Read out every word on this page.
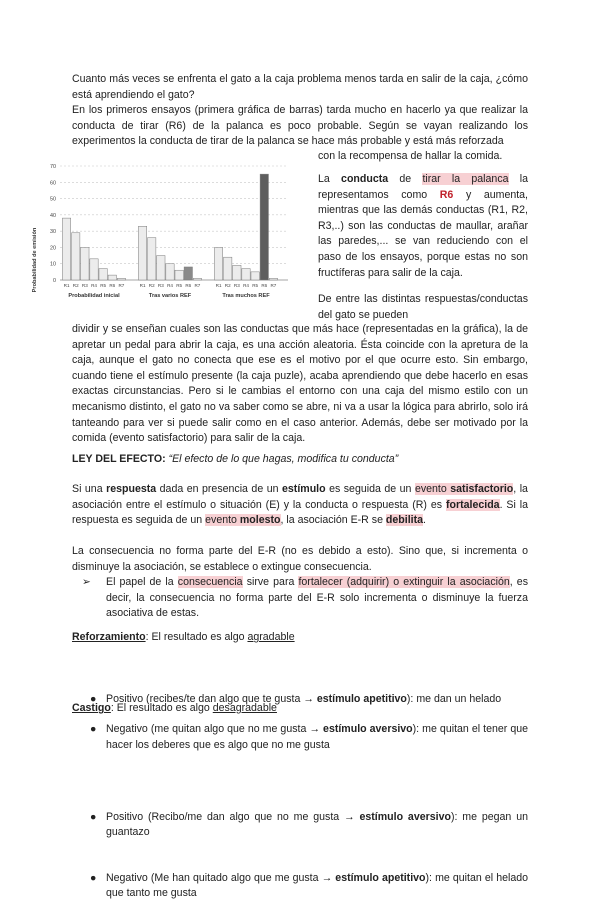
Cuanto más veces se enfrenta el gato a la caja problema menos tarda en salir de la caja, ¿cómo está aprendiendo el gato?
En los primeros ensayos (primera gráfica de barras) tarda mucho en hacerlo ya que realizar la conducta de tirar (R6) de la palanca es poco probable. Según se vayan realizando los experimentos la conducta de tirar de la palanca se hace más probable y está más reforzada
con la recompensa de hallar la comida.
0
10
20
30
40
50
60
70
R1 R2 R3 R4 R5 R6 R7	R1 R2 R3 R4 R5 R6 R7	R1 R2 R3 R4 R5 R6 R7
Probabilidad inicial	Tras varios REF	Tras muchos REF
Probabilidad de emisión
La conducta de tirar la palanca la representamos como R6 y aumenta, mientras que las demás conductas (R1, R2, R3,..) son las conductas de maullar, arañar las paredes,... se van reduciendo con el paso de los ensayos, porque estas no son fructíferas para salir de la caja.
De entre las distintas respuestas/conductas del gato se pueden
dividir y se enseñan cuales son las conductas que más hace (representadas en la gráfica), la de apretar un pedal para abrir la caja, es una acción aleatoria. Ésta coincide con la apretura de la caja, aunque el gato no conecta que ese es el motivo por el que ocurre esto. Sin embargo, cuando tiene el estímulo presente (la caja puzle), acaba aprendiendo que debe hacerlo en esas exactas circunstancias. Pero si le cambias el entorno con una caja del mismo estilo con un mecanismo distinto, el gato no va saber como se abre, ni va a usar la lógica para abrirlo, solo irá tanteando para ver si puede salir como en el caso anterior. Además, debe ser motivado por la comida (evento satisfactorio) para salir de la caja.
LEY DEL EFECTO: “El efecto de lo que hagas, modifica tu conducta”
Si una respuesta dada en presencia de un estímulo es seguida de un evento satisfactorio, la asociación entre el estímulo o situación (E) y la conducta o respuesta (R) es fortalecida. Si la respuesta es seguida de un evento molesto, la asociación E-R se debilita.
La consecuencia no forma parte del E-R (no es debido a esto). Sino que, si incrementa o disminuye la asociación, se establece o extingue consecuencia.
➢ El papel de la consecuencia sirve para fortalecer (adquirir) o extinguir la asociación, es decir, la consecuencia no forma parte del E-R solo incrementa o disminuye la fuerza asociativa de estas.
Reforzamiento: El resultado es algo agradable
● Positivo (recibes/te dan algo que te gusta → estímulo apetitivo): me dan un helado
● Negativo (me quitan algo que no me gusta → estímulo aversivo): me quitan el tener que hacer los deberes que es algo que no me gusta
Castigo: El resultado es algo desagradable
● Positivo (Recibo/me dan algo que no me gusta → estímulo aversivo): me pegan un guantazo
● Negativo (Me han quitado algo que me gusta → estímulo apetitivo): me quitan el helado que tanto me gusta
